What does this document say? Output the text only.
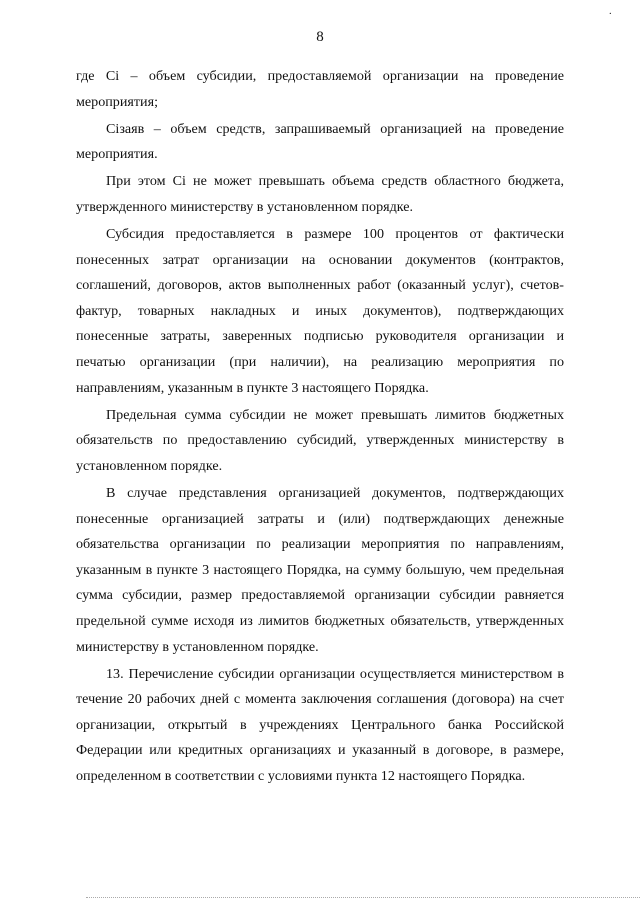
8
·

где Ci – объем субсидии, предоставляемой организации на проведение мероприятия;

Ciзаяв – объем средств, запрашиваемый организацией на проведение мероприятия.

При этом Ci не может превышать объема средств областного бюджета, утвержденного министерству в установленном порядке.

Субсидия предоставляется в размере 100 процентов от фактически понесенных затрат организации на основании документов (контрактов, соглашений, договоров, актов выполненных работ (оказанный услуг), счетов-фактур, товарных накладных и иных документов), подтверждающих понесенные затраты, заверенных подписью руководителя организации и печатью организации (при наличии), на реализацию мероприятия по направлениям, указанным в пункте 3 настоящего Порядка.

Предельная сумма субсидии не может превышать лимитов бюджетных обязательств по предоставлению субсидий, утвержденных министерству в установленном порядке.

В случае представления организацией документов, подтверждающих понесенные организацией затраты и (или) подтверждающих денежные обязательства организации по реализации мероприятия по направлениям, указанным в пункте 3 настоящего Порядка, на сумму большую, чем предельная сумма субсидии, размер предоставляемой организации субсидии равняется предельной сумме исходя из лимитов бюджетных обязательств, утвержденных министерству в установленном порядке.

13. Перечисление субсидии организации осуществляется министерством в течение 20 рабочих дней с момента заключения соглашения (договора) на счет организации, открытый в учреждениях Центрального банка Российской Федерации или кредитных организациях и указанный в договоре, в размере, определенном в соответствии с условиями пункта 12 настоящего Порядка.
